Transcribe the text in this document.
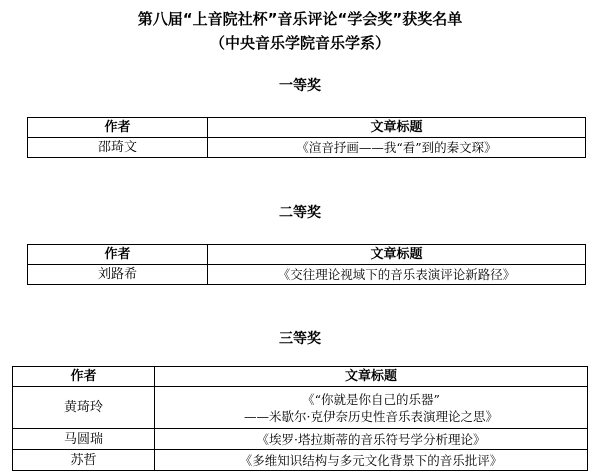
第八届“上音院社杯”音乐评论“学会奖”获奖名单
（中央音乐学院音乐学系）
一等奖
作者	文章标题
邵琦文	《渲音抒画——我“看”到的秦文琛》
二等奖
作者	文章标题
刘路希	《交往理论视域下的音乐表演评论新路径》
三等奖
作者	文章标题
黄琦玲	《“你就是你自己的乐器”
——米歇尔·克伊奈历史性音乐表演理论之思》

马圆瑞	《埃罗·塔拉斯蒂的音乐符号学分析理论》
苏哲	《多维知识结构与多元文化背景下的音乐批评》
